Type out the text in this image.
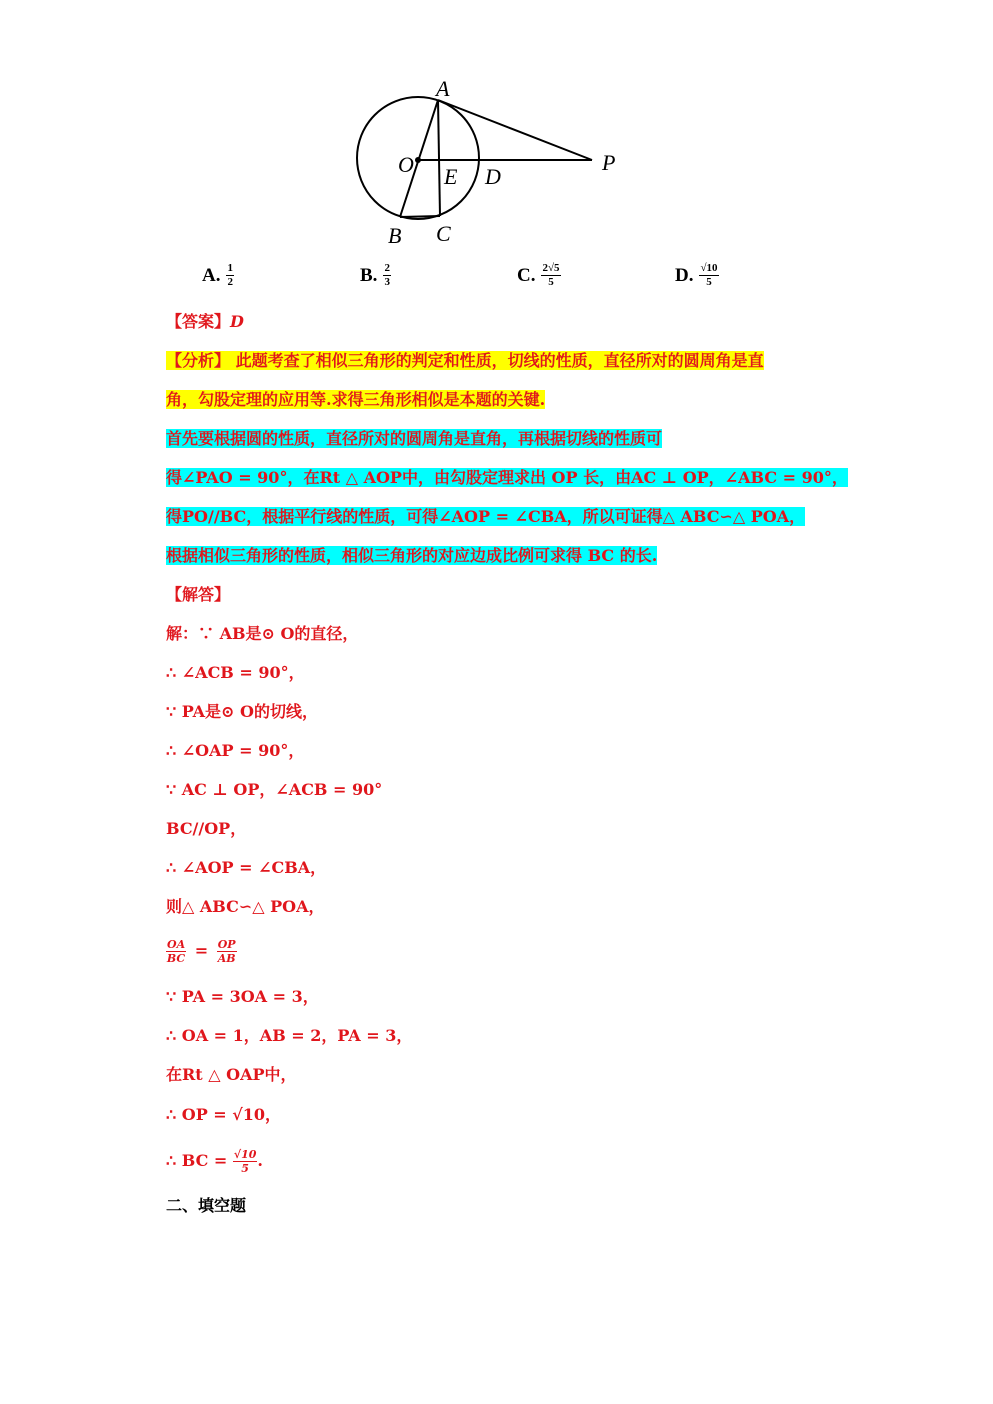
A
O E D
P
B C
A. $\frac{1}{2}$	B. $\frac{2}{3}$	C. $\frac{2√5}{5}$	D. $\frac{√10}{5}$
【答案】D
【分析】 此题考查了相似三角形的判定和性质，切线的性质，直径所对的圆周角是直
角，勾股定理的应用等.求得三角形相似是本题的关键.
首先要根据圆的性质，直径所对的圆周角是直角，再根据切线的性质可
得∠PAO = 90°，在Rt △ AOP中，由勾股定理求出 OP 长，由AC ⊥ OP，∠ABC = 90°，
得PO//BC，根据平行线的性质，可得∠AOP = ∠CBA，所以可证得△ ABC∽△ POA，
根据相似三角形的性质，相似三角形的对应边成比例可求得 BC 的长.
【解答】
解：∵ AB是⊙ O的直径，
∴ ∠ACB = 90°，
∵ PA是⊙ O的切线，
∴ ∠OAP = 90°，
∵ AC ⊥ OP，∠ACB = 90°
BC//OP，
∴ ∠AOP = ∠CBA，
则△ ABC∽△ POA，
$\frac{OA}{BC} = \frac{OP}{AB}$
∵ PA = 3OA = 3，
∴ OA = 1，AB = 2，PA = 3，
在Rt △ OAP中，
∴ OP = √10，
∴ BC = $\frac{√10}{5}$ .
二、填空题
